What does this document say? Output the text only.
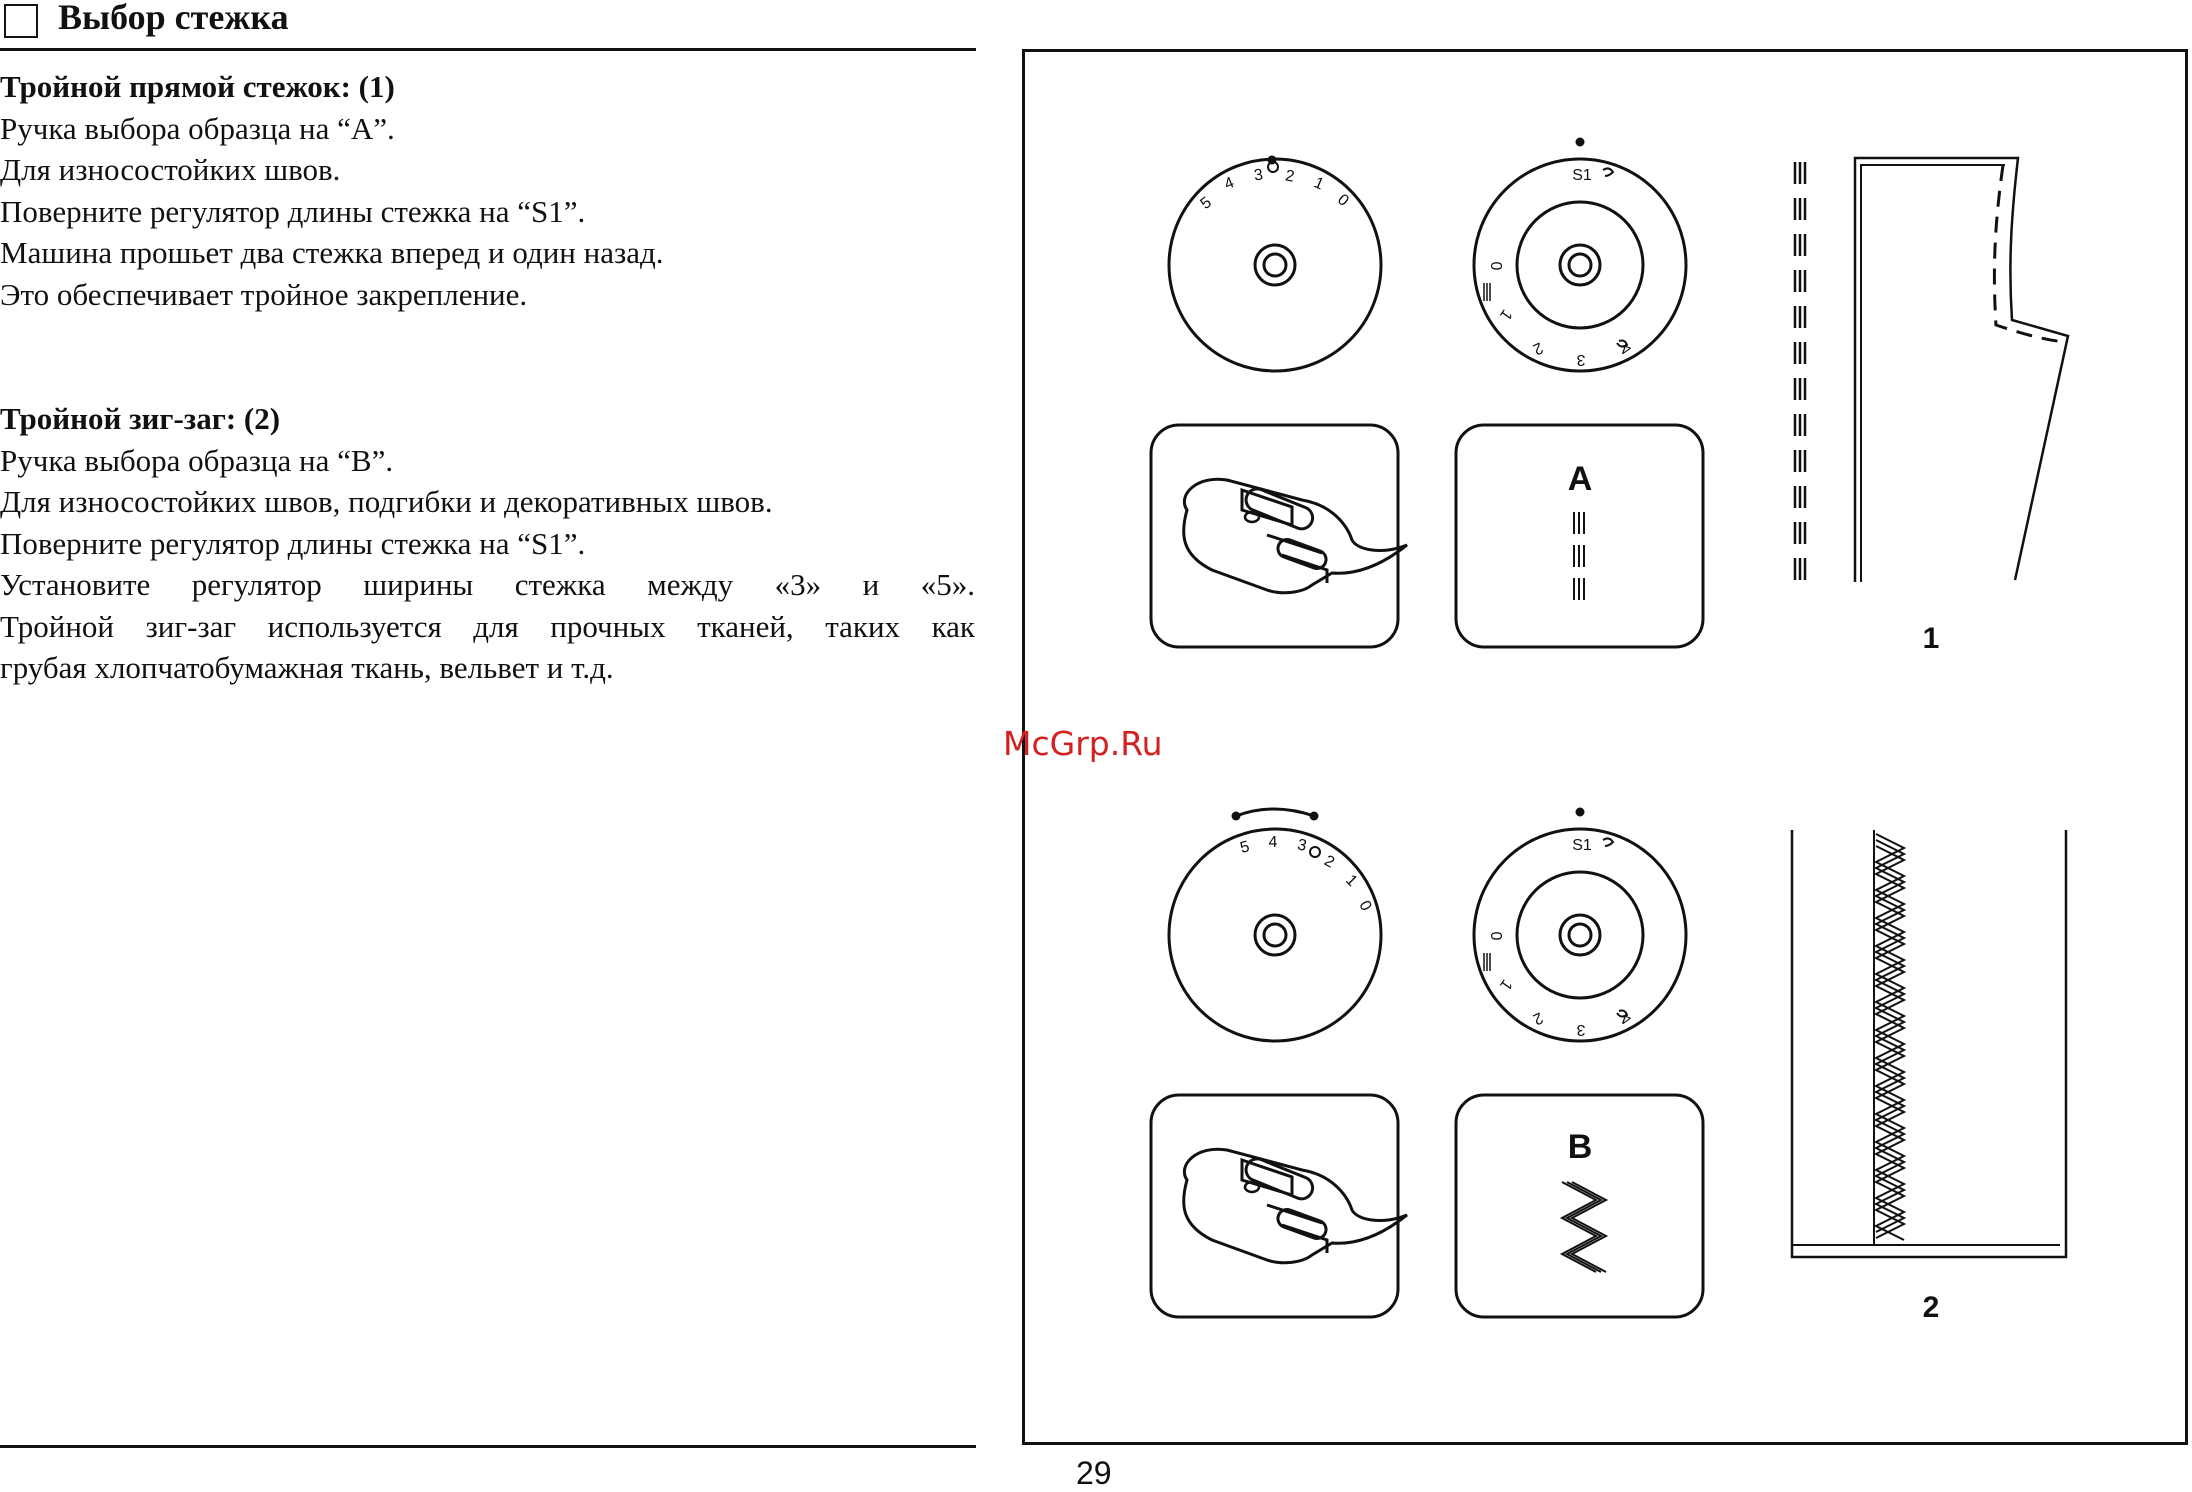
Выбор стежка
Тройной прямой стежок: (1)
Ручка выбора образца на “A”.
Для износостойких швов.
Поверните регулятор длины стежка на “S1”.
Машина прошьет два стежка вперед и один назад.
Это обеспечивает тройное закрепление.
Тройной зиг-заг: (2)
Ручка выбора образца на “B”.
Для износостойких швов, подгибки и декоративных швов.
Поверните регулятор длины стежка на “S1”.
Установите регулятор ширины стежка между «3» и «5».
Тройной зиг-заг используется для прочных тканей, таких как
грубая хлопчатобумажная ткань, вельвет и т.д.
5
4 3 2 1
0
S1
0
1
2
3
4
A
1
5 4 3
2
1
0
S1
0
1
2
3
4
B
2
McGrp.Ru
29
